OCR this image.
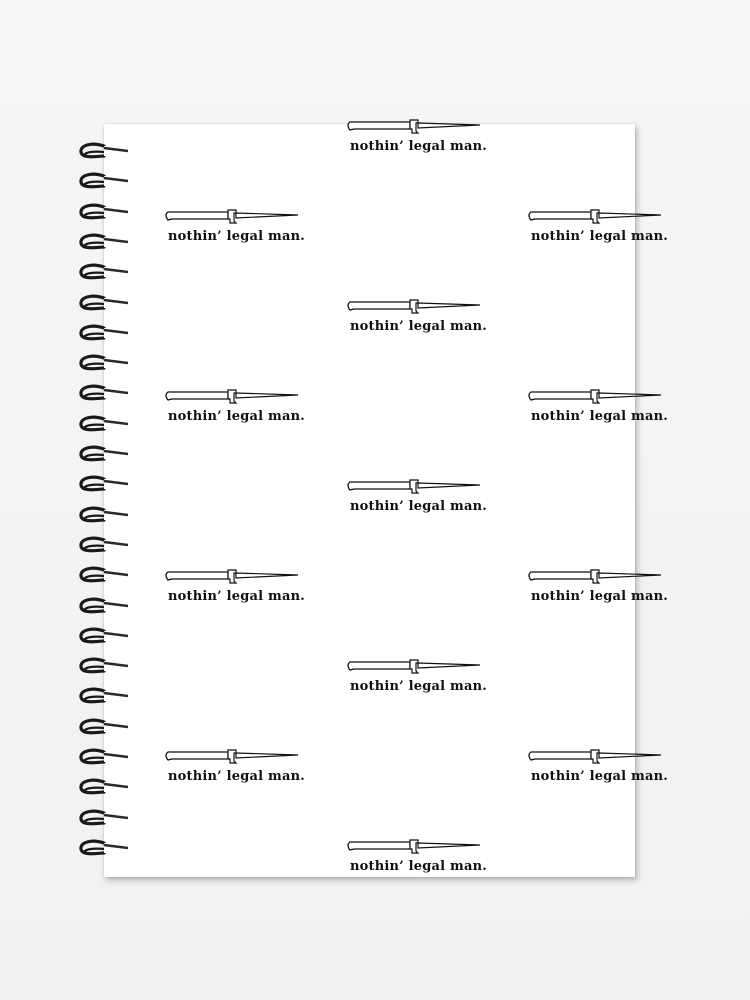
nothin’ legal man.
nothin’ legal man.	nothin’ legal man.
nothin’ legal man.
nothin’ legal man.	nothin’ legal man.
nothin’ legal man.
nothin’ legal man.	nothin’ legal man.
nothin’ legal man.
nothin’ legal man.	nothin’ legal man.
nothin’ legal man.
